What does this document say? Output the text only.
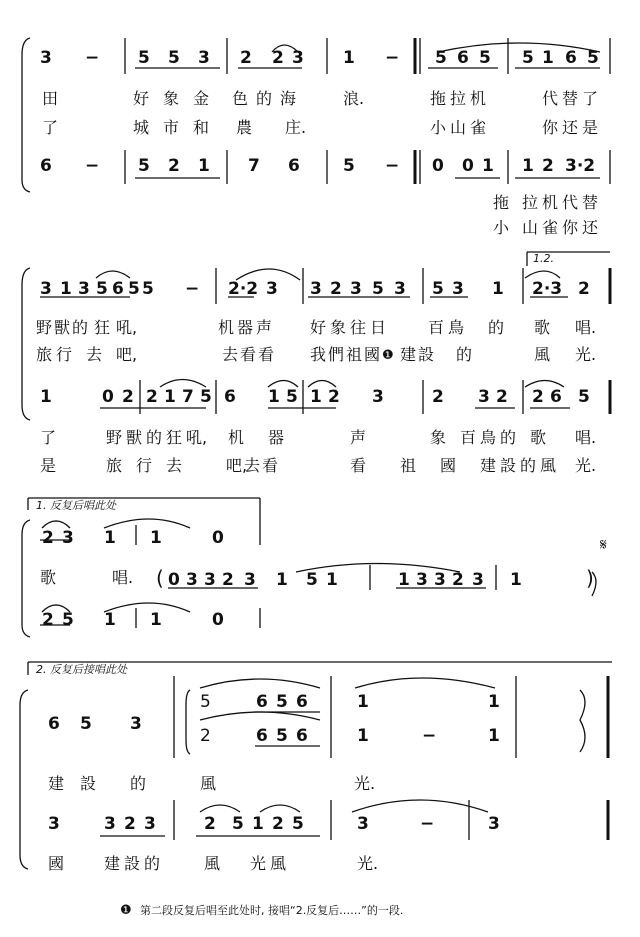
3 − 5 5 3 2 2 3 1 − 5 6 5 5 1 6 5
田	好 象 金 色 的 海	浪.	拖 拉 机	代 替 了
了	城 市 和 農 庄.	小 山 雀	你 还 是
6 − 5 2 1 7 6	5 − 0 0 1 1 2 3·2
拖 拉 机 代 替
小 山 雀 你 还
1.2.
3 1 3 5 6 5
5	− 2·2 3 3 2 3 5 3 5 3 1 2·3 2
野 獸 的 狂 吼,	机 器 声 好 象 往 日	百 鳥 的 歌 唱.
旅 行 去 吧,	去 看 看 我 們 祖 國 建 設 的	風 光.
❶
1	0 2 2 1 7 5 6 1 5 1 2 3	2 3 2 2 6 5
了	野 獸 的 狂 吼, 机 器	声	象 百 鳥 的 歌 唱.
是	旅 行 去	吧,
去 看	看 祖 國 建 設 的 風 光.
1. 反复后唱此处
𝄋
2 3 1 1	0
歌	唱. ( 0 3 3 2 3 1 5 1	1 3 3 2 3 1	)
2 5 1 1	0
2. 反复后接唱此处
6 5 3
5	6 5 6	1	1
2	6 5 6	1	−	1
建 設 的	風	光.
3	3 2 3	2 5 1 2 5	3	−	3
國 建 設 的	風 光 風	光.
❶ 第二段反复后唱至此处时, 接唱“2.反复后……”的一段.
